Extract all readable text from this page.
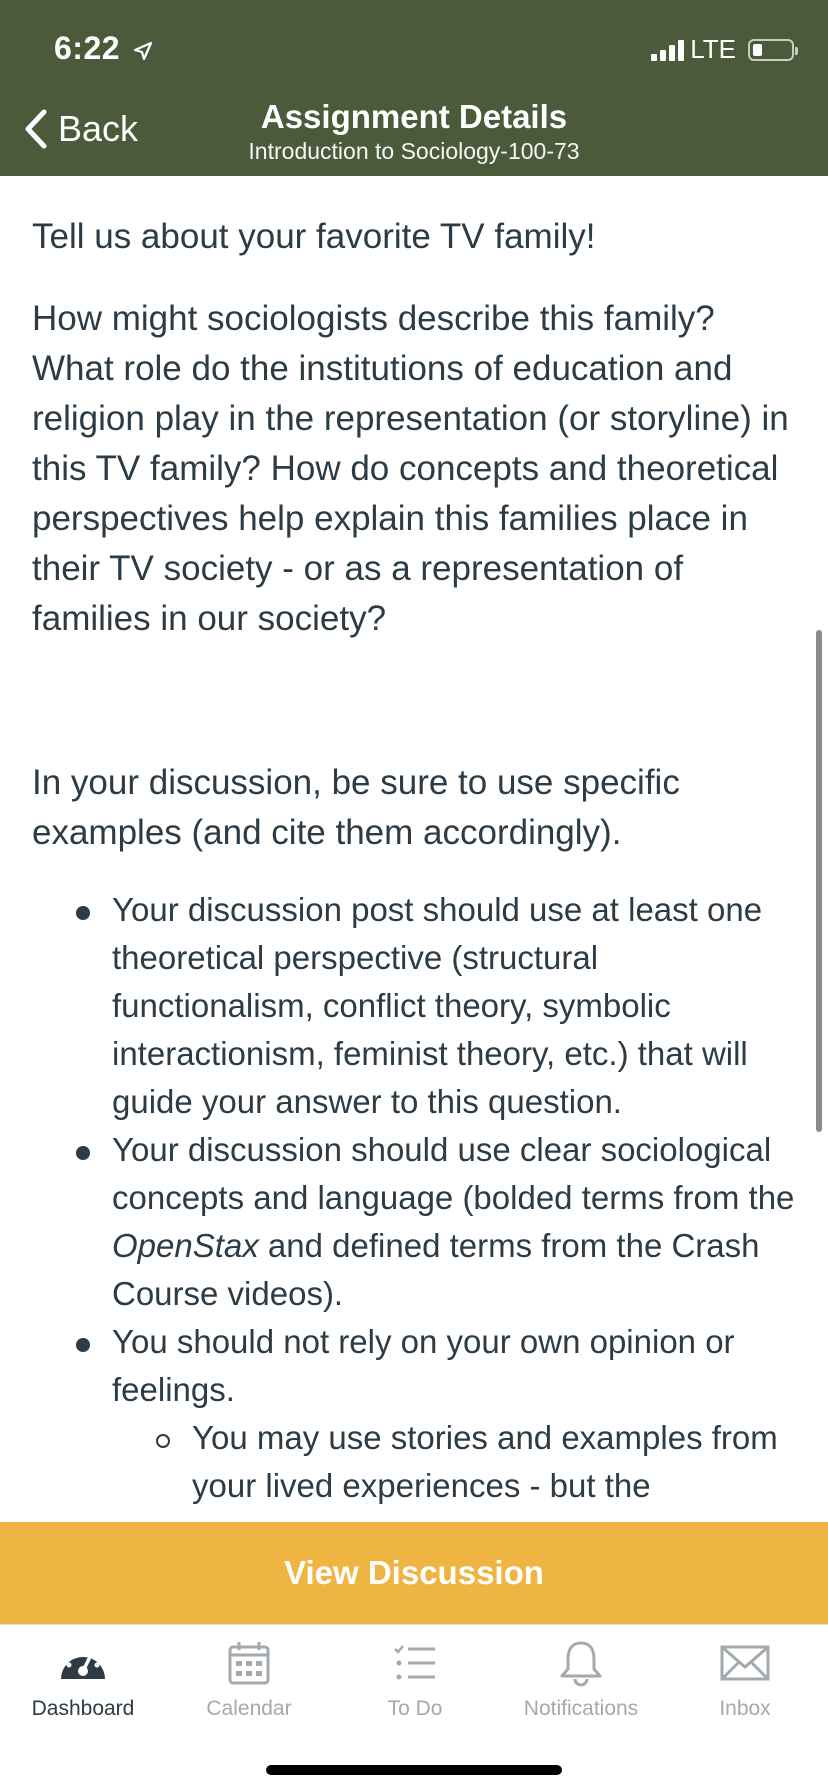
6:22	LTE
Back	Assignment Details
Introduction to Sociology-100-73

Tell us about your favorite TV family!

How might sociologists describe this family? What role do the institutions of education and religion play in the representation (or storyline) in this TV family? How do concepts and theoretical perspectives help explain this families place in their TV society - or as a representation of families in our society?

In your discussion, be sure to use specific examples (and cite them accordingly).

Your discussion post should use at least one theoretical perspective (structural functionalism, conflict theory, symbolic interactionism, feminist theory, etc.) that will guide your answer to this question.
Your discussion should use clear sociological concepts and language (bolded terms from the OpenStax and defined terms from the Crash Course videos).
You should not rely on your own opinion or feelings.
You may use stories and examples from your lived experiences - but the
View Discussion
Dashboard	Calendar	To Do	Notifications	Inbox
